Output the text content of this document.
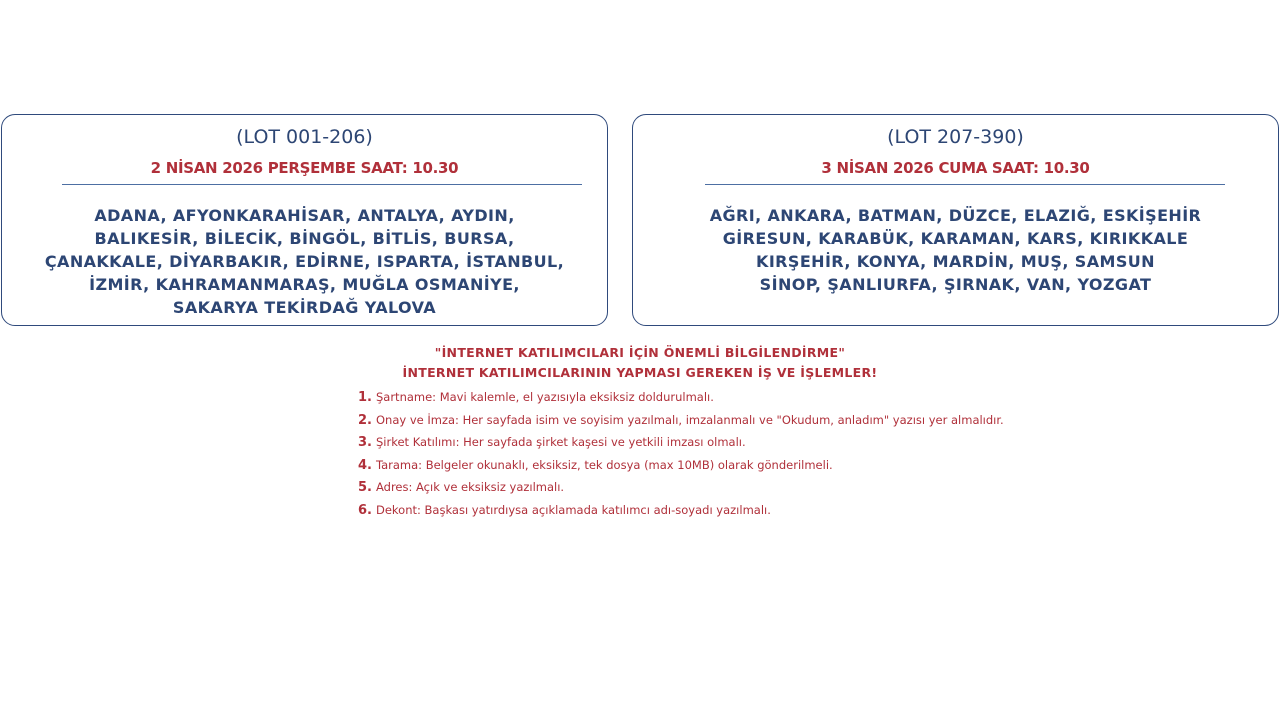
(LOT 001-206)
2 NİSAN 2026 PERŞEMBE SAAT: 10.30
ADANA, AFYONKARAHİSAR, ANTALYA, AYDIN,
BALIKESİR, BİLECİK, BİNGÖL, BİTLİS, BURSA,
ÇANAKKALE, DİYARBAKIR, EDİRNE, ISPARTA, İSTANBUL,
İZMİR, KAHRAMANMARAŞ, MUĞLA OSMANİYE,
SAKARYA TEKİRDAĞ YALOVA
(LOT 207-390)
3 NİSAN 2026 CUMA SAAT: 10.30
AĞRI, ANKARA, BATMAN, DÜZCE, ELAZIĞ, ESKİŞEHİR
GİRESUN, KARABÜK, KARAMAN, KARS, KIRIKKALE
KIRŞEHİR, KONYA, MARDİN, MUŞ, SAMSUN
SİNOP, ŞANLIURFA, ŞIRNAK, VAN, YOZGAT
"İNTERNET KATILIMCILARI İÇİN ÖNEMLİ BİLGİLENDİRME"
İNTERNET KATILIMCILARININ YAPMASI GEREKEN İŞ VE İŞLEMLER!
1. Şartname: Mavi kalemle, el yazısıyla eksiksiz doldurulmalı.
2. Onay ve İmza: Her sayfada isim ve soyisim yazılmalı, imzalanmalı ve "Okudum, anladım" yazısı yer almalıdır.
3. Şirket Katılımı: Her sayfada şirket kaşesi ve yetkili imzası olmalı.
4. Tarama: Belgeler okunaklı, eksiksiz, tek dosya (max 10MB) olarak gönderilmeli.
5. Adres: Açık ve eksiksiz yazılmalı.
6. Dekont: Başkası yatırdıysa açıklamada katılımcı adı-soyadı yazılmalı.
